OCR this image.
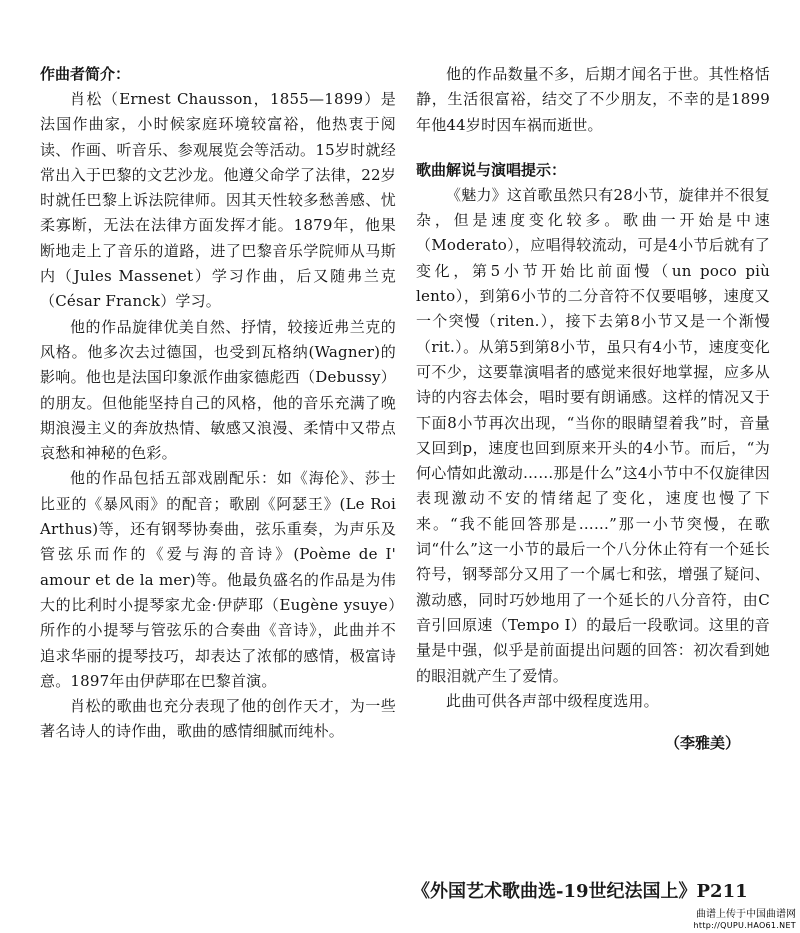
作曲者简介：

肖松（Ernest Chausson，1855—1899）是法国作曲家，小时候家庭环境较富裕，他热衷于阅读、作画、听音乐、参观展览会等活动。15岁时就经常出入于巴黎的文艺沙龙。他遵父命学了法律，22岁时就任巴黎上诉法院律师。因其天性较多愁善感、忧柔寡断，无法在法律方面发挥才能。1879年，他果断地走上了音乐的道路，进了巴黎音乐学院师从马斯内（Jules Massenet）学习作曲，后又随弗兰克（César Franck）学习。

他的作品旋律优美自然、抒情，较接近弗兰克的风格。他多次去过德国，也受到瓦格纳(Wagner)的影响。他也是法国印象派作曲家德彪西（Debussy）的朋友。但他能坚持自己的风格，他的音乐充满了晚期浪漫主义的奔放热情、敏感又浪漫、柔情中又带点哀愁和神秘的色彩。

他的作品包括五部戏剧配乐：如《海伦》、莎士比亚的《暴风雨》的配音；歌剧《阿瑟王》(Le Roi Arthus)等，还有钢琴协奏曲，弦乐重奏，为声乐及管弦乐而作的《爱与海的音诗》(Poème de I' amour et de la mer)等。他最负盛名的作品是为伟大的比利时小提琴家尤金·伊萨耶（Eugène ysuye）所作的小提琴与管弦乐的合奏曲《音诗》，此曲并不追求华丽的提琴技巧，却表达了浓郁的感情，极富诗意。1897年由伊萨耶在巴黎首演。

肖松的歌曲也充分表现了他的创作天才，为一些著名诗人的诗作曲，歌曲的感情细腻而纯朴。

他的作品数量不多，后期才闻名于世。其性格恬静，生活很富裕，结交了不少朋友，不幸的是1899年他44岁时因车祸而逝世。

歌曲解说与演唱提示：

《魅力》这首歌虽然只有28小节，旋律并不很复杂，但是速度变化较多。歌曲一开始是中速（Moderato），应唱得较流动，可是4小节后就有了变化，第5小节开始比前面慢（un poco più lento），到第6小节的二分音符不仅要唱够，速度又一个突慢（riten.），接下去第8小节又是一个渐慢（rit.）。从第5到第8小节，虽只有4小节，速度变化可不少，这要靠演唱者的感觉来很好地掌握，应多从诗的内容去体会，唱时要有朗诵感。这样的情况又于下面8小节再次出现，“当你的眼睛望着我”时，音量又回到p，速度也回到原来开头的4小节。而后，“为何心情如此激动……那是什么”这4小节中不仅旋律因表现激动不安的情绪起了变化，速度也慢了下来。“我不能回答那是……”那一小节突慢，在歌词“什么”这一小节的最后一个八分休止符有一个延长符号，钢琴部分又用了一个属七和弦，增强了疑问、激动感，同时巧妙地用了一个延长的八分音符，由C音引回原速（Tempo Ⅰ）的最后一段歌词。这里的音量是中强，似乎是前面提出问题的回答：初次看到她的眼泪就产生了爱情。

此曲可供各声部中级程度选用。

（李雅美）
《外国艺术歌曲选-19世纪法国上》P211
曲谱上传于中国曲谱网
http://QUPU.HAO61.NET
